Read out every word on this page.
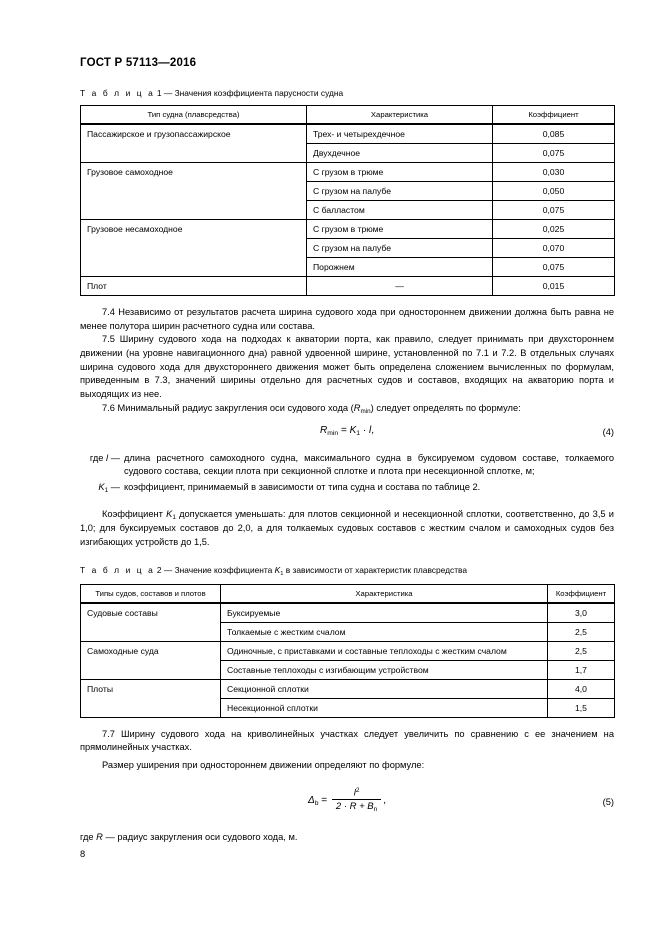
ГОСТ Р 57113—2016

Т а б л и ц а 1 — Значения коэффициента парусности судна

Тип судна (плавсредства)	Характеристика	Коэффициент
Пассажирское и грузопассажирское	Трех- и четырехдечное	0,085
	Двухдечное	0,075
Грузовое самоходное	С грузом в трюме	0,030
	С грузом на палубе	0,050
	С балластом	0,075
Грузовое несамоходное	С грузом в трюме	0,025
	С грузом на палубе	0,070
	Порожнем	0,075
Плот	—	0,015

7.4 Независимо от результатов расчета ширина судового хода при одностороннем движении должна быть равна не менее полутора ширин расчетного судна или состава.

7.5 Ширину судового хода на подходах к акватории порта, как правило, следует принимать при двухстороннем движении (на уровне навигационного дна) равной удвоенной ширине, установленной по 7.1 и 7.2. В отдельных случаях ширина судового хода для двухстороннего движения может быть определена сложением вычисленных по формулам, приведенным в 7.3, значений ширины отдельно для расчетных судов и составов, входящих на акваторию порта и выходящих из нее.

7.6 Минимальный радиус закругления оси судового хода $(R_{min})$ следует определять по формуле:

$R_{min} = K_1 \cdot l$,	(4)
где l — длина расчетного самоходного судна, максимального судна в буксируемом судовом составе, толкаемого судового состава, секции плота при секционной сплотке и плота при несекционной сплотке, м;
$K_1$ — коэффициент, принимаемый в зависимости от типа судна и состава по таблице 2.

Коэффициент $K_1$ допускается уменьшать: для плотов секционной и несекционной сплотки, соответственно, до 3,5 и 1,0; для буксируемых составов до 2,0, а для толкаемых судовых составов с жестким счалом и самоходных судов без изгибающих устройств до 1,5.

Т а б л и ц а 2 — Значение коэффициента $K_1$ в зависимости от характеристик плавсредства

Типы судов, составов и плотов	Характеристика	Коэффициент
Судовые составы	Буксируемые	3,0
	Толкаемые с жестким счалом	2,5
Самоходные суда	Одиночные, с приставками и составные теплоходы с жестким счалом	2,5
	Составные теплоходы с изгибающим устройством	1,7
Плоты	Секционной сплотки	4,0
	Несекционной сплотки	1,5

7.7 Ширину судового хода на криволинейных участках следует увеличить по сравнению с ее значением на прямолинейных участках.

Размер уширения при одностороннем движении определяют по формуле:

$\Delta_b = \frac{l^2}{2 \cdot R + B_n}$ ,	(5)

где R — радиус закругления оси судового хода, м.

8
